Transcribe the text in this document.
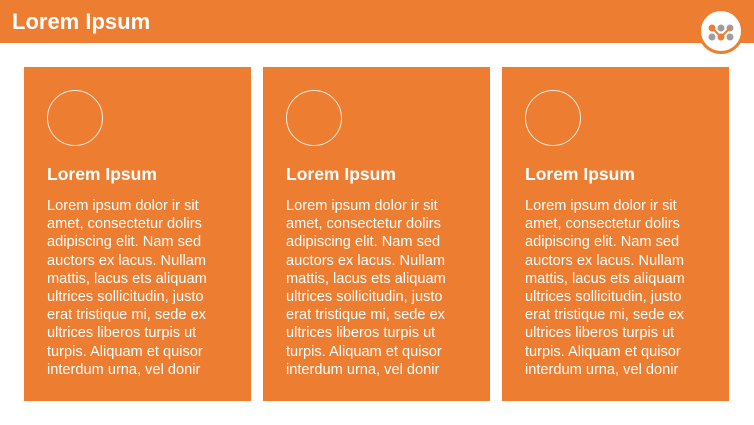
Lorem Ipsum
Lorem Ipsum
Lorem ipsum dolor ir sit
amet, consectetur dolirs
adipiscing elit. Nam sed
auctors ex lacus. Nullam
mattis, lacus ets aliquam
ultrices sollicitudin, justo
erat tristique mi, sede ex
ultrices liberos turpis ut
turpis. Aliquam et quisor
interdum urna, vel donir
Lorem Ipsum
Lorem ipsum dolor ir sit
amet, consectetur dolirs
adipiscing elit. Nam sed
auctors ex lacus. Nullam
mattis, lacus ets aliquam
ultrices sollicitudin, justo
erat tristique mi, sede ex
ultrices liberos turpis ut
turpis. Aliquam et quisor
interdum urna, vel donir
Lorem Ipsum
Lorem ipsum dolor ir sit
amet, consectetur dolirs
adipiscing elit. Nam sed
auctors ex lacus. Nullam
mattis, lacus ets aliquam
ultrices sollicitudin, justo
erat tristique mi, sede ex
ultrices liberos turpis ut
turpis. Aliquam et quisor
interdum urna, vel donir
